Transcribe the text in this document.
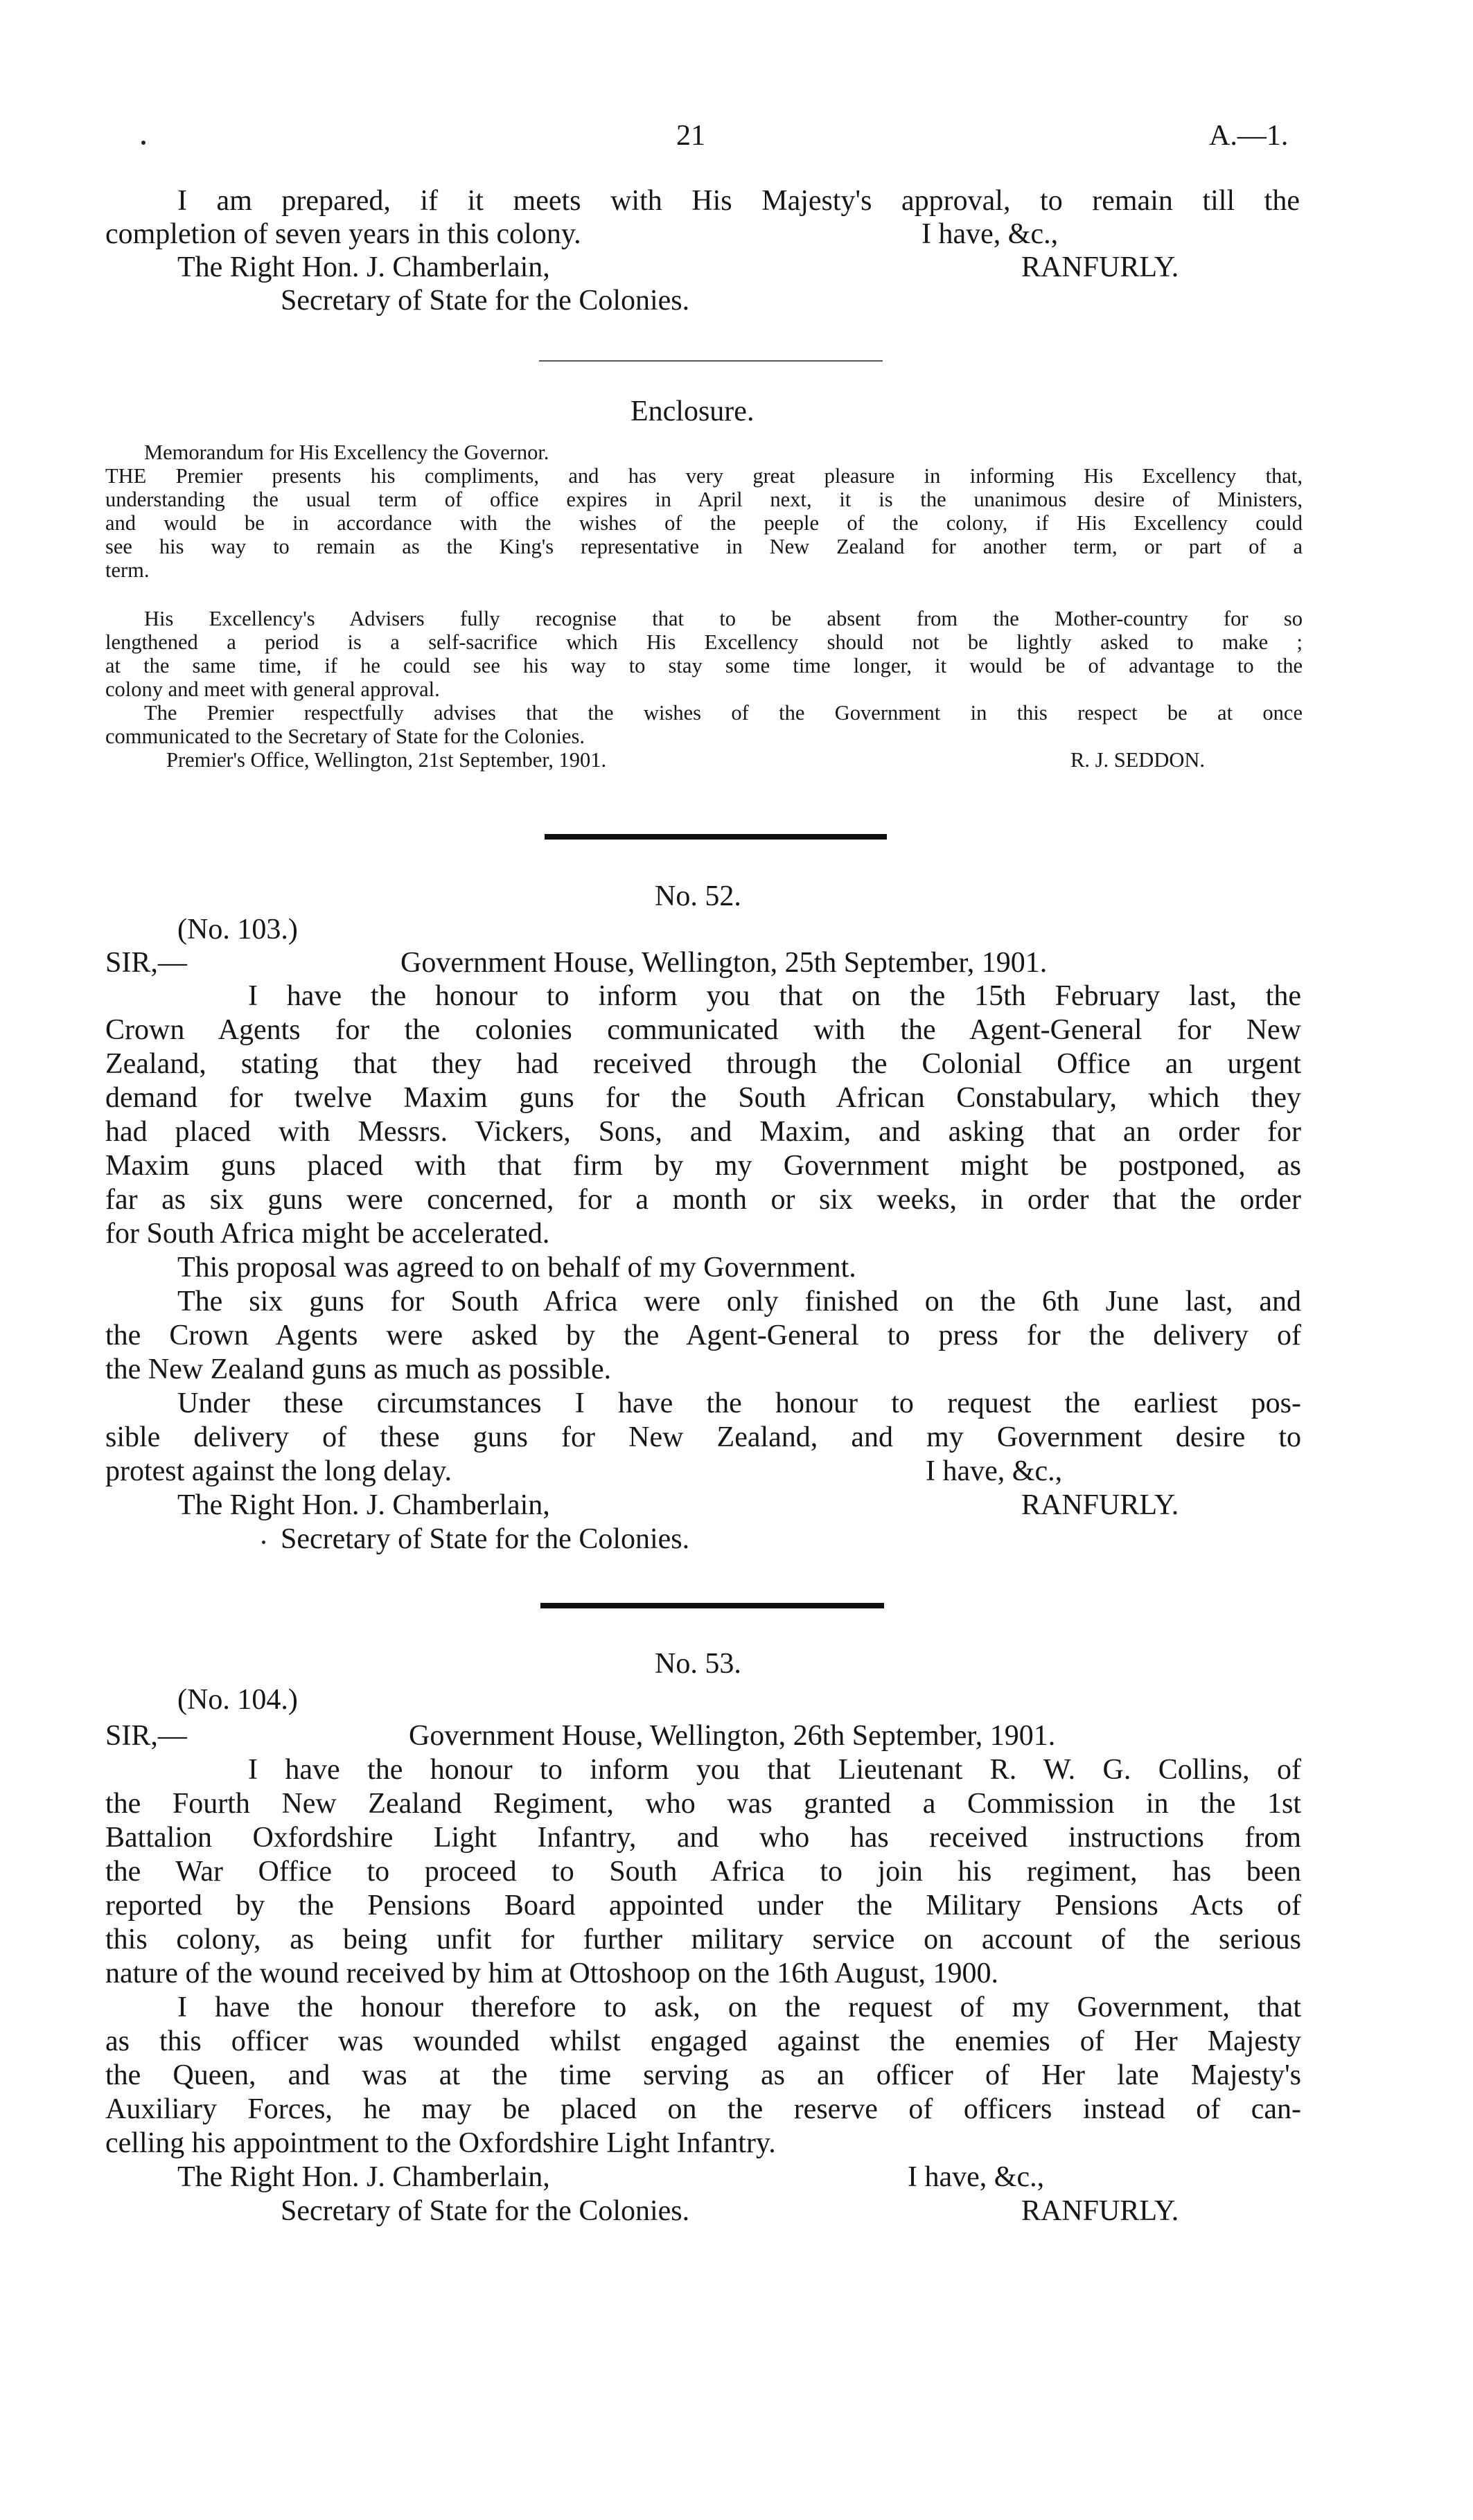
21	A.—1.
I am prepared, if it meets with His Majesty's approval, to remain till the
completion of seven years in this colony.	I have, &c.,
The Right Hon. J. Chamberlain,	RANFURLY.
Secretary of State for the Colonies.
Enclosure.
Memorandum for His Excellency the Governor.
THE Premier presents his compliments, and has very great pleasure in informing His Excellency that,
understanding the usual term of office expires in April next, it is the unanimous desire of Ministers,
and would be in accordance with the wishes of the peeple of the colony, if His Excellency could
see his way to remain as the King's representative in New Zealand for another term, or part of a
term.
His Excellency's Advisers fully recognise that to be absent from the Mother-country for so
lengthened a period is a self-sacrifice which His Excellency should not be lightly asked to make ;
at the same time, if he could see his way to stay some time longer, it would be of advantage to the
colony and meet with general approval.
The Premier respectfully advises that the wishes of the Government in this respect be at once
communicated to the Secretary of State for the Colonies.
Premier's Office, Wellington, 21st September, 1901.	R. J. SEDDON.
No. 52.
(No. 103.)
SIR,—	Government House, Wellington, 25th September, 1901.
I have the honour to inform you that on the 15th February last, the
Crown Agents for the colonies communicated with the Agent-General for New
Zealand, stating that they had received through the Colonial Office an urgent
demand for twelve Maxim guns for the South African Constabulary, which they
had placed with Messrs. Vickers, Sons, and Maxim, and asking that an order for
Maxim guns placed with that firm by my Government might be postponed, as
far as six guns were concerned, for a month or six weeks, in order that the order
for South Africa might be accelerated.
This proposal was agreed to on behalf of my Government.
The six guns for South Africa were only finished on the 6th June last, and
the Crown Agents were asked by the Agent-General to press for the delivery of
the New Zealand guns as much as possible.
Under these circumstances I have the honour to request the earliest pos-
sible delivery of these guns for New Zealand, and my Government desire to
protest against the long delay.	I have, &c.,
The Right Hon. J. Chamberlain,	RANFURLY.
Secretary of State for the Colonies.
No. 53.
(No. 104.)
SIR,—	Government House, Wellington, 26th September, 1901.
I have the honour to inform you that Lieutenant R. W. G. Collins, of
the Fourth New Zealand Regiment, who was granted a Commission in the 1st
Battalion Oxfordshire Light Infantry, and who has received instructions from
the War Office to proceed to South Africa to join his regiment, has been
reported by the Pensions Board appointed under the Military Pensions Acts of
this colony, as being unfit for further military service on account of the serious
nature of the wound received by him at Ottoshoop on the 16th August, 1900.
I have the honour therefore to ask, on the request of my Government, that
as this officer was wounded whilst engaged against the enemies of Her Majesty
the Queen, and was at the time serving as an officer of Her late Majesty's
Auxiliary Forces, he may be placed on the reserve of officers instead of can-
celling his appointment to the Oxfordshire Light Infantry.
The Right Hon. J. Chamberlain,	I have, &c.,
Secretary of State for the Colonies.	RANFURLY.
